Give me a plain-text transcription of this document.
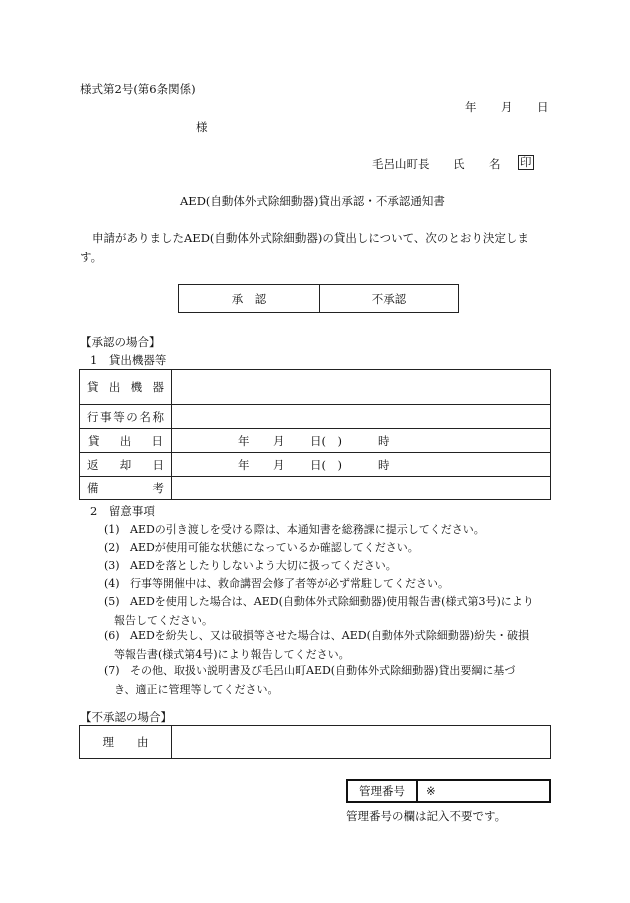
様式第2号(第6条関係)
年 月 日
様
毛呂山町長 氏 名 印
AED(自動体外式除細動器)貸出承認・不承認通知書
申請がありましたAED(自動体外式除細動器)の貸出しについて、次のとおり決定しま
す。
承　認	不承認
【承認の場合】
1　貸出機器等
貸出機器	
行事等の名称	
貸出日	年 月 日(　) 時

返却日	年 月 日(　) 時

備考	
2　留意事項
(1) AEDの引き渡しを受ける際は、本通知書を総務課に提示してください。
(2) AEDが使用可能な状態になっているか確認してください。
(3) AEDを落としたりしないよう大切に扱ってください。
(4) 行事等開催中は、救命講習会修了者等が必ず常駐してください。
(5) AEDを使用した場合は、AED(自動体外式除細動器)使用報告書(様式第3号)により
報告してください。
(6) AEDを紛失し、又は破損等させた場合は、AED(自動体外式除細動器)紛失・破損
等報告書(様式第4号)により報告してください。
(7) その他、取扱い説明書及び毛呂山町AED(自動体外式除細動器)貸出要綱に基づ
き、適正に管理等してください。
【不承認の場合】
理　　由	
管理番号	※
管理番号の欄は記入不要です。
